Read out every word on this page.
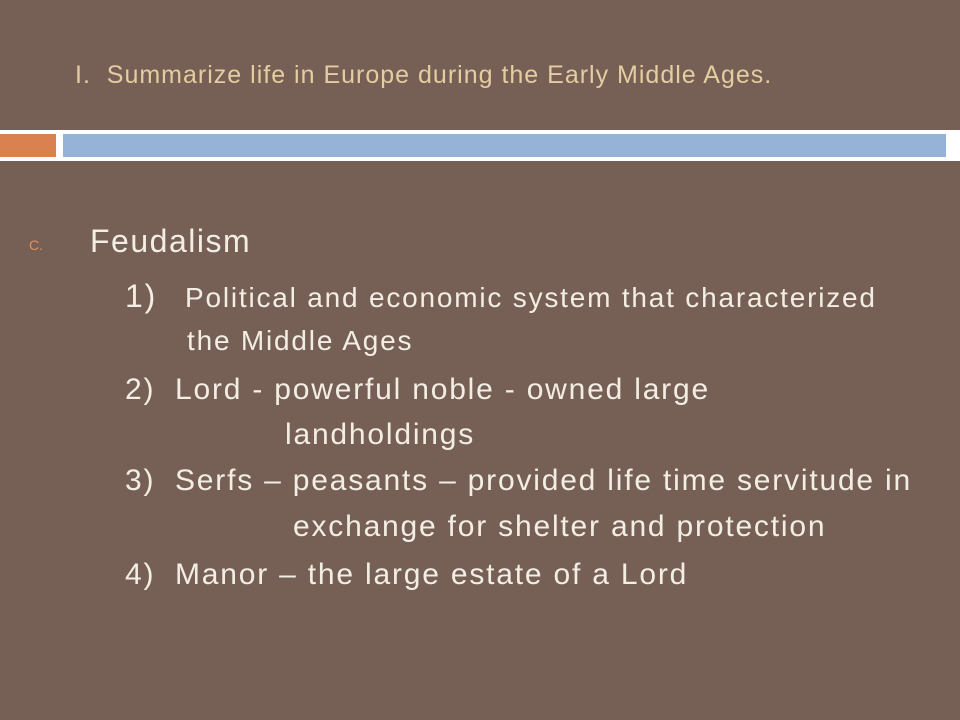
I.  Summarize life in Europe during the Early Middle Ages.
C. Feudalism
1) Political and economic system that characterized
the Middle Ages
2) Lord - powerful noble - owned large
landholdings
3) Serfs – peasants – provided life time servitude in
exchange for shelter and protection
4) Manor – the large estate of a Lord
